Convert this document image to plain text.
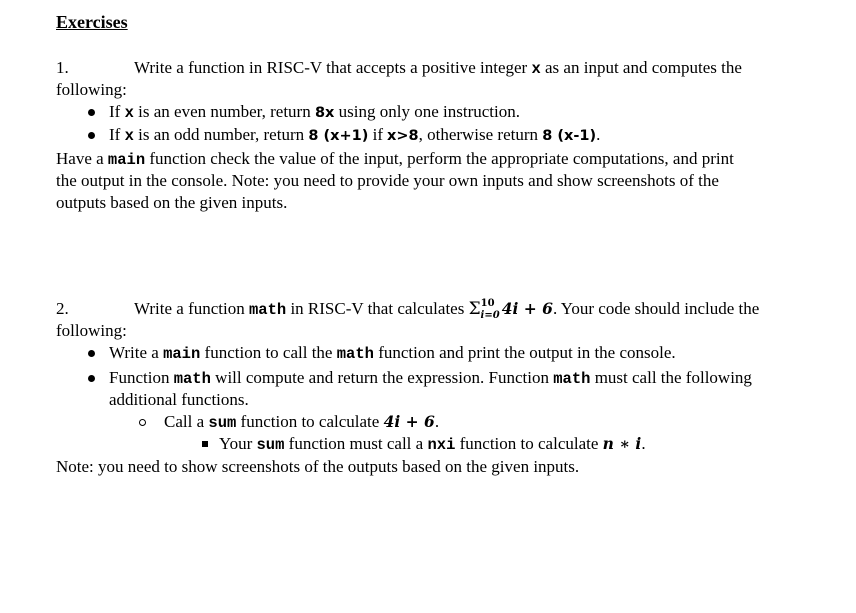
Exercises
1.	Write a function in RISC-V that accepts a positive integer x as an input and computes the
following:
If x is an even number, return 8x using only one instruction.
If x is an odd number, return 8 (x+1) if x>8, otherwise return 8 (x-1).
Have a main function check the value of the input, perform the appropriate computations, and print
the output in the console. Note: you need to provide your own inputs and show screenshots of the
outputs based on the given inputs.
2.	Write a function math in RISC-V that calculates $\Sigma^{10}_{i=0}$ 4i + 6. Your code should include the
following:
Write a main function to call the math function and print the output in the console.
Function math will compute and return the expression. Function math must call the following
additional functions.
Call a sum function to calculate 4i + 6.
Your sum function must call a nxi function to calculate n ∗ i.
Note: you need to show screenshots of the outputs based on the given inputs.
